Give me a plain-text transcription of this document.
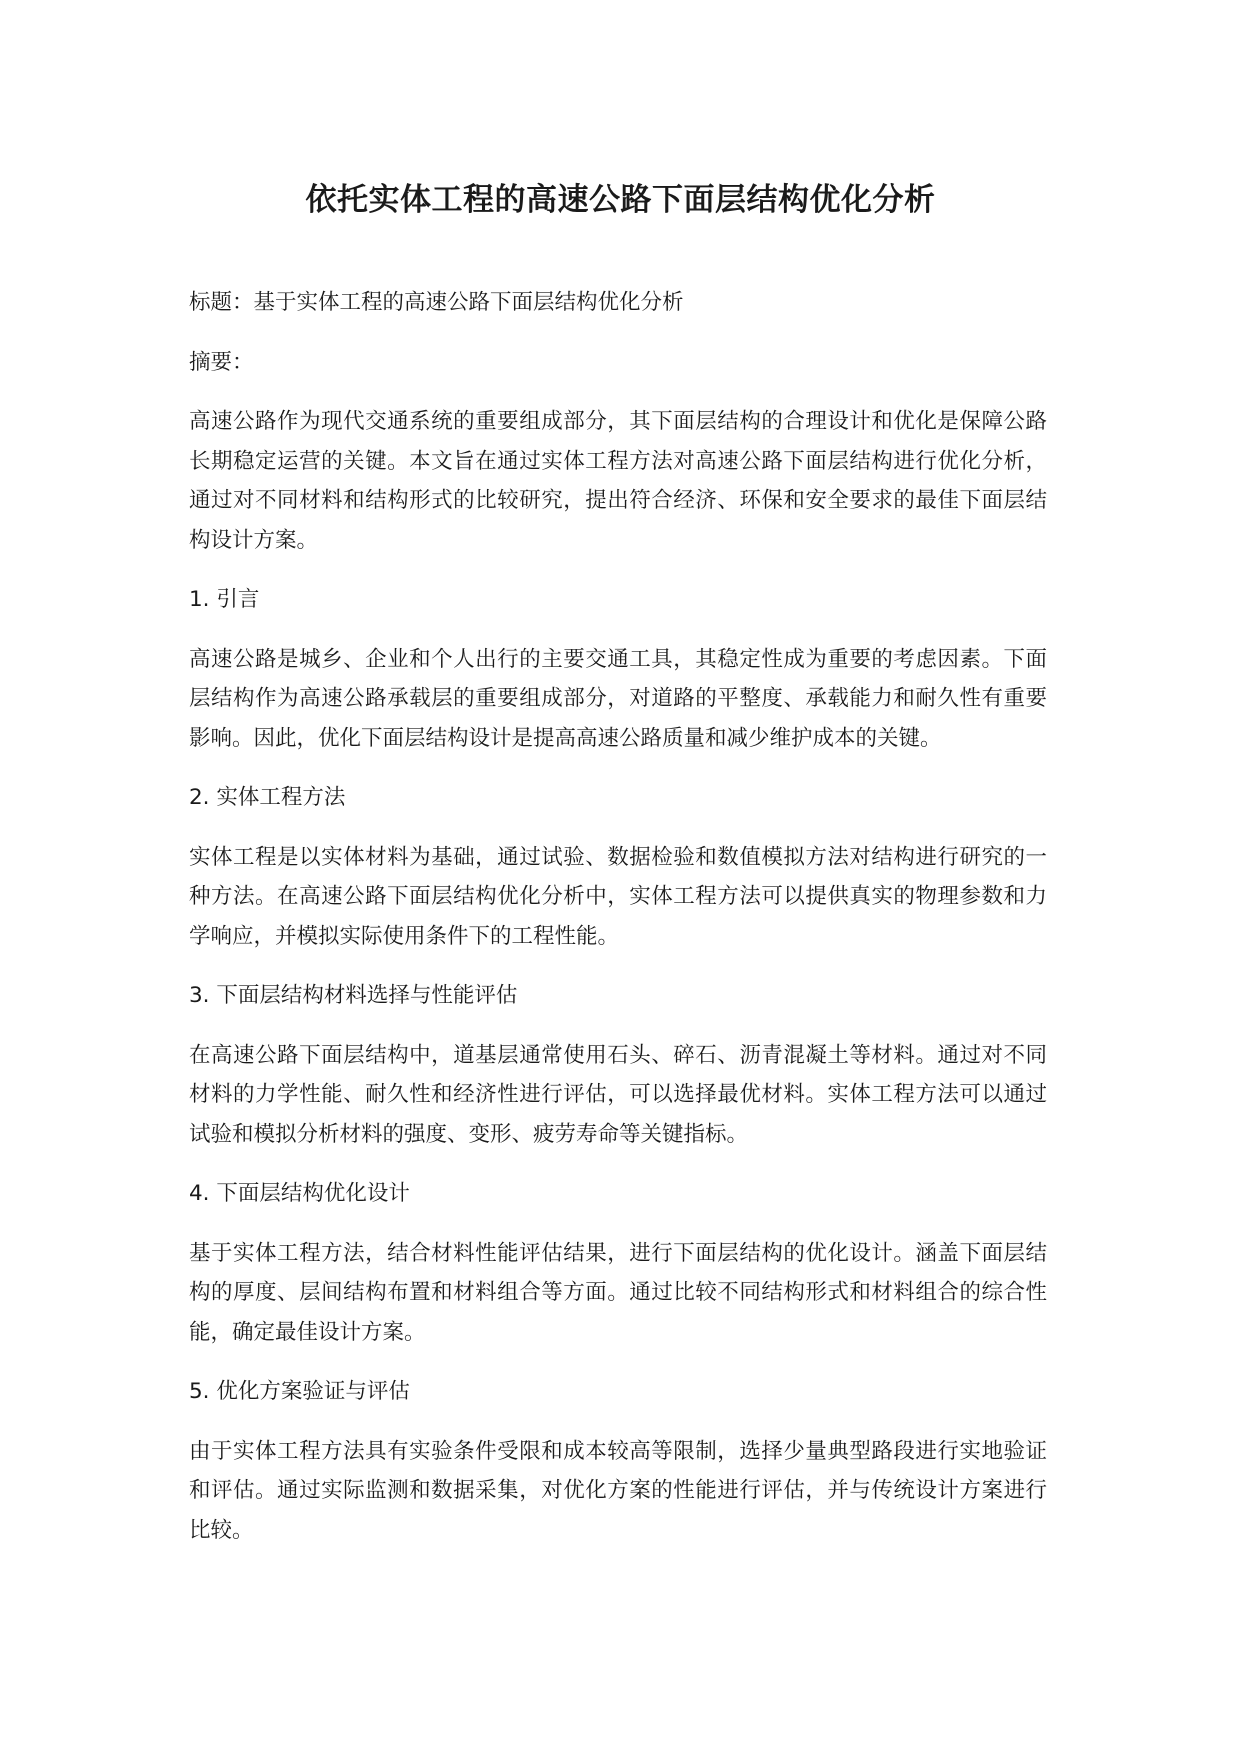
依托实体工程的高速公路下面层结构优化分析

标题：基于实体工程的高速公路下面层结构优化分析

摘要：

高速公路作为现代交通系统的重要组成部分，其下面层结构的合理设计和优化是保障公路长期稳定运营的关键。本文旨在通过实体工程方法对高速公路下面层结构进行优化分析，通过对不同材料和结构形式的比较研究，提出符合经济、环保和安全要求的最佳下面层结构设计方案。

1. 引言

高速公路是城乡、企业和个人出行的主要交通工具，其稳定性成为重要的考虑因素。下面层结构作为高速公路承载层的重要组成部分，对道路的平整度、承载能力和耐久性有重要影响。因此，优化下面层结构设计是提高高速公路质量和减少维护成本的关键。

2. 实体工程方法

实体工程是以实体材料为基础，通过试验、数据检验和数值模拟方法对结构进行研究的一种方法。在高速公路下面层结构优化分析中，实体工程方法可以提供真实的物理参数和力学响应，并模拟实际使用条件下的工程性能。

3. 下面层结构材料选择与性能评估

在高速公路下面层结构中，道基层通常使用石头、碎石、沥青混凝土等材料。通过对不同材料的力学性能、耐久性和经济性进行评估，可以选择最优材料。实体工程方法可以通过试验和模拟分析材料的强度、变形、疲劳寿命等关键指标。

4. 下面层结构优化设计

基于实体工程方法，结合材料性能评估结果，进行下面层结构的优化设计。涵盖下面层结构的厚度、层间结构布置和材料组合等方面。通过比较不同结构形式和材料组合的综合性能，确定最佳设计方案。

5. 优化方案验证与评估

由于实体工程方法具有实验条件受限和成本较高等限制，选择少量典型路段进行实地验证和评估。通过实际监测和数据采集，对优化方案的性能进行评估，并与传统设计方案进行比较。
